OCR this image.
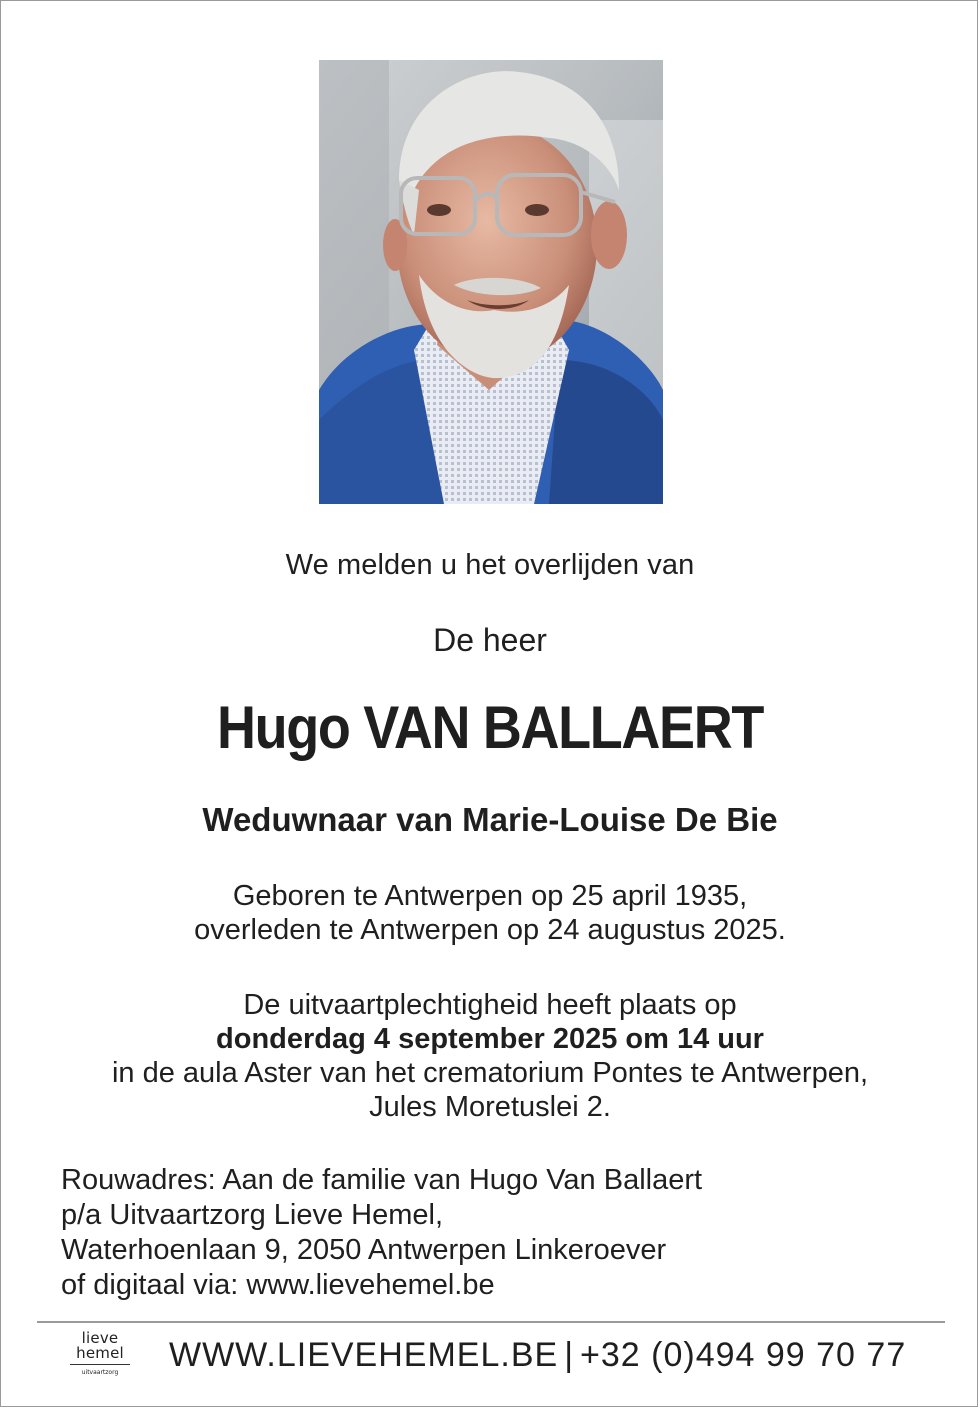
We melden u het overlijden van
De heer
Hugo VAN BALLAERT
Weduwnaar van Marie-Louise De Bie
Geboren te Antwerpen op 25 april 1935,
overleden te Antwerpen op 24 augustus 2025.
De uitvaartplechtigheid heeft plaats op
donderdag 4 september 2025 om 14 uur
in de aula Aster van het crematorium Pontes te Antwerpen,
Jules Moretuslei 2.
Rouwadres: Aan de familie van Hugo Van Ballaert
p/a Uitvaartzorg Lieve Hemel,
Waterhoenlaan 9, 2050 Antwerpen Linkeroever
of digitaal via: www.lievehemel.be
lieve
hemel
uitvaartzorg	WWW.LIEVEHEMEL.BE | +32 (0)494 99 70 77
